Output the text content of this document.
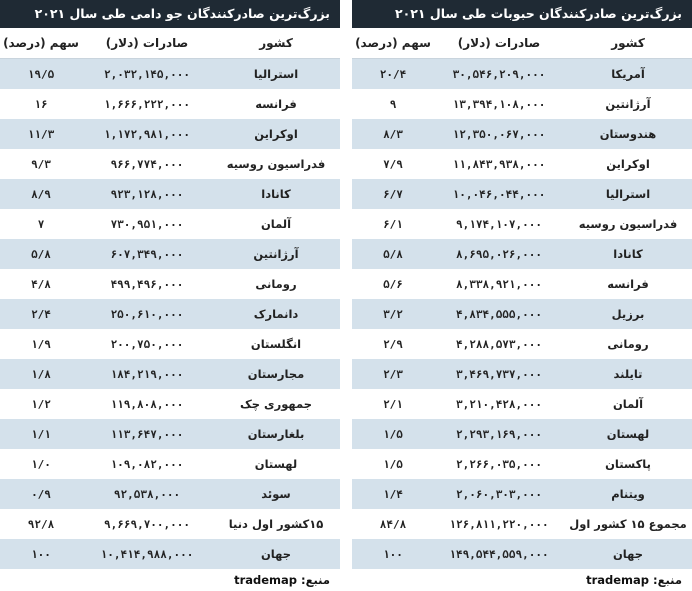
بزرگ‌ترین صادرکنندگان جو دامی طی سال ۲۰۲۱
کشور
صادرات (دلار)
سهم (درصد)
استرالیا
۲,۰۳۲,۱۴۵,۰۰۰
۱۹/۵
فرانسه
۱,۶۶۶,۲۲۲,۰۰۰
۱۶
اوکراین
۱,۱۷۲,۹۸۱,۰۰۰
۱۱/۳
فدراسیون روسیه
۹۶۶,۷۷۴,۰۰۰
۹/۳
کانادا
۹۲۳,۱۲۸,۰۰۰
۸/۹
آلمان
۷۳۰,۹۵۱,۰۰۰
۷
آرژانتین
۶۰۷,۳۴۹,۰۰۰
۵/۸
رومانی
۴۹۹,۴۹۶,۰۰۰
۴/۸
دانمارک
۲۵۰,۶۱۰,۰۰۰
۲/۴
انگلستان
۲۰۰,۷۵۰,۰۰۰
۱/۹
مجارستان
۱۸۴,۲۱۹,۰۰۰
۱/۸
جمهوری چک
۱۱۹,۸۰۸,۰۰۰
۱/۲
بلغارستان
۱۱۳,۶۴۷,۰۰۰
۱/۱
لهستان
۱۰۹,۰۸۲,۰۰۰
۱/۰
سوئد
۹۲,۵۳۸,۰۰۰
۰/۹
۱۵کشور اول دنیا
۹,۶۶۹,۷۰۰,۰۰۰
۹۲/۸
جهان
۱۰,۴۱۴,۹۸۸,۰۰۰
۱۰۰
منبع: trademap
بزرگ‌ترین صادرکنندگان حبوبات طی سال ۲۰۲۱
کشور
صادرات (دلار)
سهم (درصد)
آمریکا
۳۰,۵۴۶,۲۰۹,۰۰۰
۲۰/۴
آرژانتین
۱۳,۳۹۴,۱۰۸,۰۰۰
۹
هندوستان
۱۲,۳۵۰,۰۶۷,۰۰۰
۸/۳
اوکراین
۱۱,۸۴۳,۹۳۸,۰۰۰
۷/۹
استرالیا
۱۰,۰۴۶,۰۴۴,۰۰۰
۶/۷
فدراسیون روسیه
۹,۱۷۴,۱۰۷,۰۰۰
۶/۱
کانادا
۸,۶۹۵,۰۲۶,۰۰۰
۵/۸
فرانسه
۸,۳۳۸,۹۲۱,۰۰۰
۵/۶
برزیل
۴,۸۳۴,۵۵۵,۰۰۰
۳/۲
رومانی
۴,۲۸۸,۵۷۳,۰۰۰
۲/۹
تایلند
۳,۴۶۹,۷۳۷,۰۰۰
۲/۳
آلمان
۳,۲۱۰,۴۲۸,۰۰۰
۲/۱
لهستان
۲,۲۹۳,۱۶۹,۰۰۰
۱/۵
پاکستان
۲,۲۶۶,۰۳۵,۰۰۰
۱/۵
ویتنام
۲,۰۶۰,۳۰۳,۰۰۰
۱/۴
مجموع ۱۵ کشور اول
۱۲۶,۸۱۱,۲۲۰,۰۰۰
۸۴/۸
جهان
۱۴۹,۵۴۴,۵۵۹,۰۰۰
۱۰۰
منبع: trademap
